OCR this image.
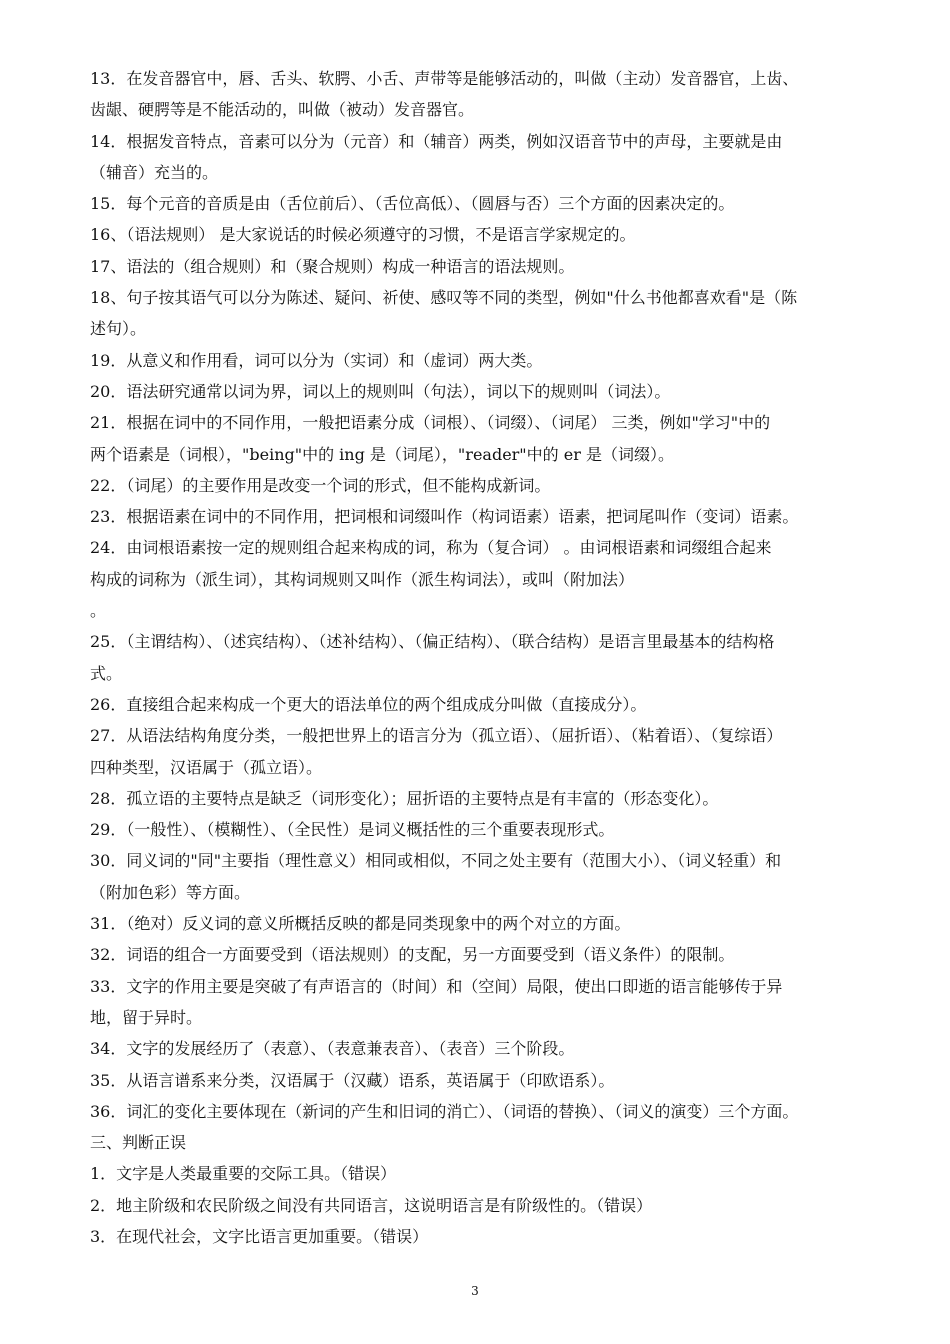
13．在发音器官中，唇、舌头、软腭、小舌、声带等是能够活动的，叫做（主动）发音器官，上齿、
齿龈、硬腭等是不能活动的，叫做（被动）发音器官。
14．根据发音特点，音素可以分为（元音）和（辅音）两类，例如汉语音节中的声母，主要就是由
（辅音）充当的。
15．每个元音的音质是由（舌位前后）、（舌位高低）、（圆唇与否）三个方面的因素决定的。
16、（语法规则） 是大家说话的时候必须遵守的习惯，不是语言学家规定的。
17、语法的（组合规则）和（聚合规则）构成一种语言的语法规则。
18、句子按其语气可以分为陈述、疑问、祈使、感叹等不同的类型，例如"什么书他都喜欢看"是（陈
述句）。
19．从意义和作用看，词可以分为（实词）和（虚词）两大类。
20．语法研究通常以词为界，词以上的规则叫（句法），词以下的规则叫（词法）。
21．根据在词中的不同作用，一般把语素分成（词根）、（词缀）、（词尾） 三类，例如"学习"中的
两个语素是（词根），"being"中的 ing 是（词尾），"reader"中的 er 是（词缀）。
22．（词尾）的主要作用是改变一个词的形式，但不能构成新词。
23．根据语素在词中的不同作用，把词根和词缀叫作（构词语素）语素，把词尾叫作（变词）语素。
24．由词根语素按一定的规则组合起来构成的词，称为（复合词） 。由词根语素和词缀组合起来
构成的词称为（派生词），其构词规则又叫作（派生构词法），或叫（附加法）
。
25．（主谓结构）、（述宾结构）、（述补结构）、（偏正结构）、（联合结构）是语言里最基本的结构格
式。
26．直接组合起来构成一个更大的语法单位的两个组成成分叫做（直接成分）。
27．从语法结构角度分类，一般把世界上的语言分为（孤立语）、（屈折语）、（粘着语）、（复综语）
四种类型，汉语属于（孤立语）。
28．孤立语的主要特点是缺乏（词形变化）；屈折语的主要特点是有丰富的（形态变化）。
29．（一般性）、（模糊性）、（全民性）是词义概括性的三个重要表现形式。
30．同义词的"同"主要指（理性意义）相同或相似，不同之处主要有（范围大小）、（词义轻重）和
（附加色彩）等方面。
31．（绝对）反义词的意义所概括反映的都是同类现象中的两个对立的方面。
32．词语的组合一方面要受到（语法规则）的支配，另一方面要受到（语义条件）的限制。
33．文字的作用主要是突破了有声语言的（时间）和（空间）局限，使出口即逝的语言能够传于异
地，留于异时。
34．文字的发展经历了（表意）、（表意兼表音）、（表音）三个阶段。
35．从语言谱系来分类，汉语属于（汉藏）语系，英语属于（印欧语系）。
36．词汇的变化主要体现在（新词的产生和旧词的消亡）、（词语的替换）、（词义的演变）三个方面。
三、判断正误
1．文字是人类最重要的交际工具。（错误）
2．地主阶级和农民阶级之间没有共同语言，这说明语言是有阶级性的。（错误）
3．在现代社会，文字比语言更加重要。（错误）
3
